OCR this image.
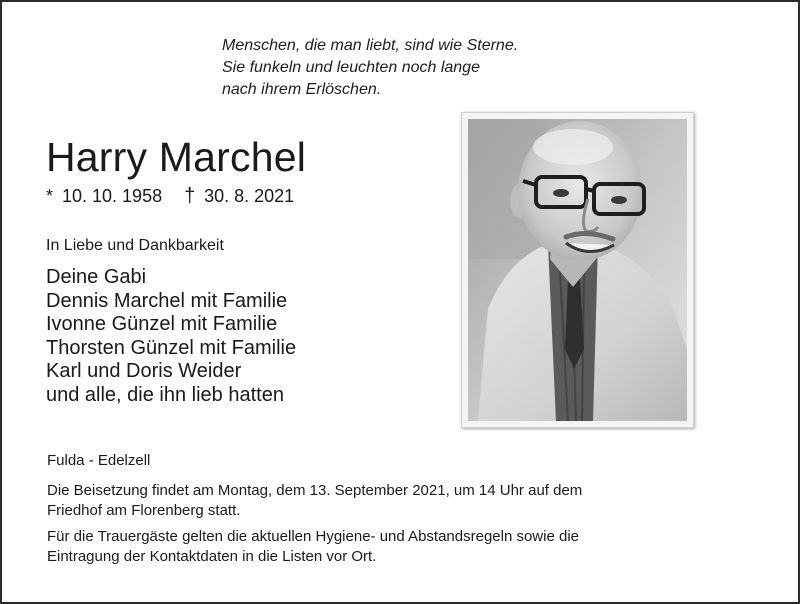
Menschen, die man liebt, sind wie Sterne.
Sie funkeln und leuchten noch lange
nach ihrem Erlöschen.
Harry Marchel
* 10. 10. 1958 † 30. 8. 2021
In Liebe und Dankbarkeit
Deine Gabi
Dennis Marchel mit Familie
Ivonne Günzel mit Familie
Thorsten Günzel mit Familie
Karl und Doris Weider
und alle, die ihn lieb hatten
Fulda - Edelzell
Die Beisetzung findet am Montag, dem 13. September 2021, um 14 Uhr auf dem
Friedhof am Florenberg statt.
Für die Trauergäste gelten die aktuellen Hygiene- und Abstandsregeln sowie die
Eintragung der Kontaktdaten in die Listen vor Ort.
